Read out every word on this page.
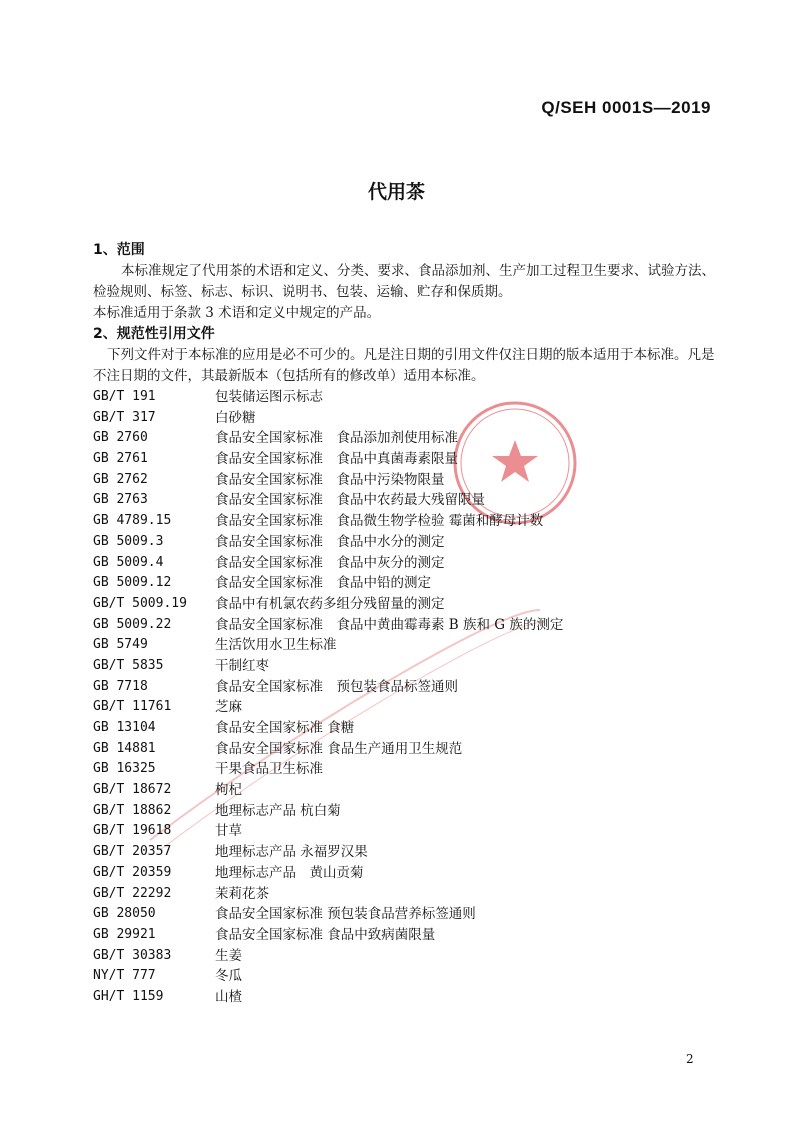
Q/SEH 0001S—2019
代用茶
1、范围
本标准规定了代用茶的术语和定义、分类、要求、食品添加剂、生产加工过程卫生要求、试验方法、检验规则、标签、标志、标识、说明书、包装、运输、贮存和保质期。
本标准适用于条款 3 术语和定义中规定的产品。
2、规范性引用文件
下列文件对于本标准的应用是必不可少的。凡是注日期的引用文件仅注日期的版本适用于本标准。凡是不注日期的文件，其最新版本（包括所有的修改单）适用本标准。
GB/T 191	包装储运图示标志
GB/T 317	白砂糖
GB 2760	食品安全国家标准　食品添加剂使用标准
GB 2761	食品安全国家标准　食品中真菌毒素限量
GB 2762	食品安全国家标准　食品中污染物限量
GB 2763	食品安全国家标准　食品中农药最大残留限量
GB 4789.15	食品安全国家标准　食品微生物学检验 霉菌和酵母计数
GB 5009.3	食品安全国家标准　食品中水分的测定
GB 5009.4	食品安全国家标准　食品中灰分的测定
GB 5009.12	食品安全国家标准　食品中铅的测定
GB/T 5009.19	食品中有机氯农药多组分残留量的测定
GB 5009.22	食品安全国家标准　食品中黄曲霉毒素 B 族和 G 族的测定
GB 5749	生活饮用水卫生标准
GB/T 5835	干制红枣
GB 7718	食品安全国家标准　预包装食品标签通则
GB/T 11761	芝麻
GB 13104	食品安全国家标准 食糖
GB 14881	食品安全国家标准 食品生产通用卫生规范
GB 16325	干果食品卫生标准
GB/T 18672	枸杞
GB/T 18862	地理标志产品 杭白菊
GB/T 19618	甘草
GB/T 20357	地理标志产品 永福罗汉果
GB/T 20359	地理标志产品　黄山贡菊
GB/T 22292	茉莉花茶
GB 28050	食品安全国家标准 预包装食品营养标签通则
GB 29921	食品安全国家标准 食品中致病菌限量
GB/T 30383	生姜
NY/T 777	冬瓜
GH/T 1159	山楂
2
